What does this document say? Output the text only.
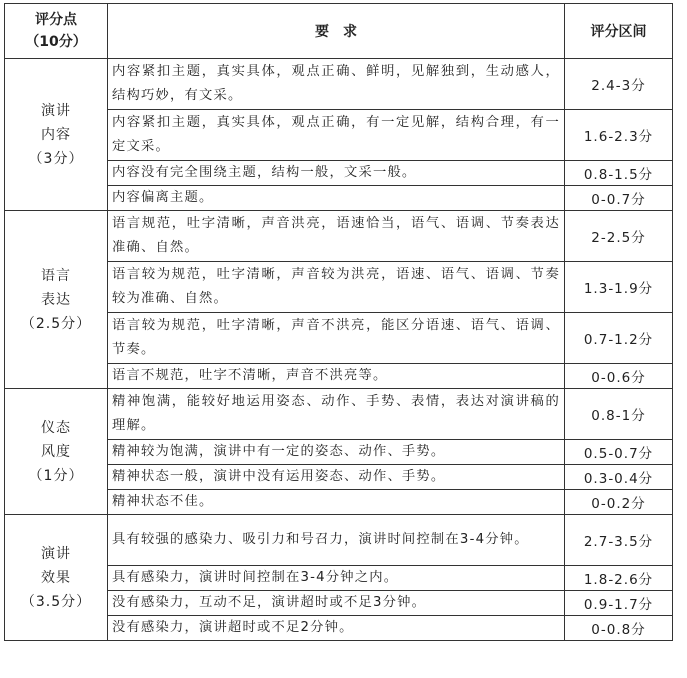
评分点
（10分）	要　求	评分区间

演讲
内容
（3分）	内容紧扣主题，真实具体，观点正确、鲜明，见解独到，生动感人，结构巧妙，有文采。	2.4-3分
	内容紧扣主题，真实具体，观点正确，有一定见解，结构合理，有一定文采。	1.6-2.3分
	内容没有完全围绕主题，结构一般，文采一般。	0.8-1.5分
	内容偏离主题。	0-0.7分

语言
表达
（2.5分）	语言规范，吐字清晰，声音洪亮，语速恰当，语气、语调、节奏表达准确、自然。	2-2.5分
	语言较为规范，吐字清晰，声音较为洪亮，语速、语气、语调、节奏较为准确、自然。	1.3-1.9分
	语言较为规范，吐字清晰，声音不洪亮，能区分语速、语气、语调、节奏。	0.7-1.2分
	语言不规范，吐字不清晰，声音不洪亮等。	0-0.6分

仪态
风度
（1分）	精神饱满，能较好地运用姿态、动作、手势、表情，表达对演讲稿的理解。	0.8-1分
	精神较为饱满，演讲中有一定的姿态、动作、手势。	0.5-0.7分
	精神状态一般，演讲中没有运用姿态、动作、手势。	0.3-0.4分
	精神状态不佳。	0-0.2分

演讲
效果
（3.5分）	具有较强的感染力、吸引力和号召力，演讲时间控制在3-4分钟。	2.7-3.5分
	具有感染力，演讲时间控制在3-4分钟之内。	1.8-2.6分
	没有感染力，互动不足，演讲超时或不足3分钟。	0.9-1.7分
	没有感染力，演讲超时或不足2分钟。	0-0.8分
